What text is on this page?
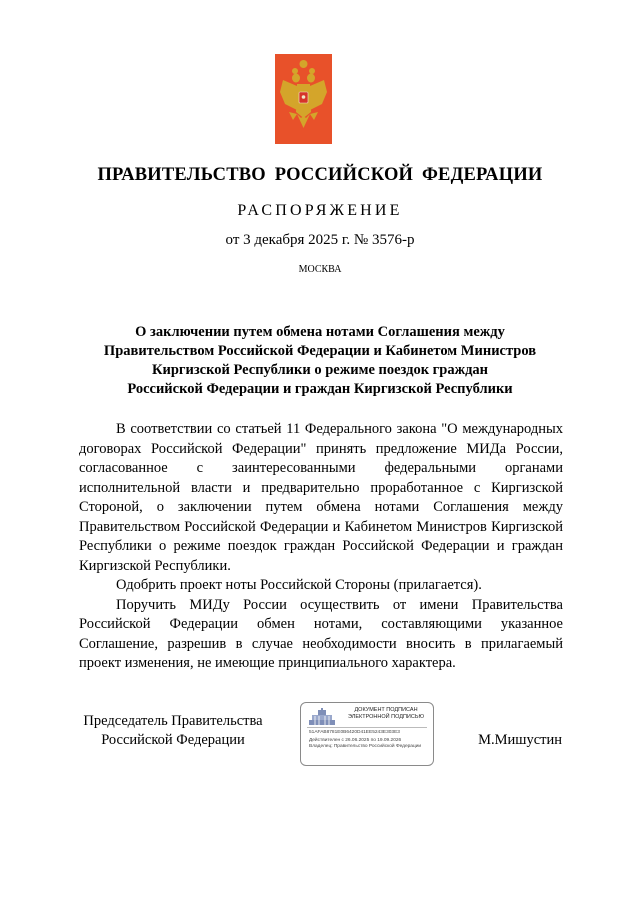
ПРАВИТЕЛЬСТВО РОССИЙСКОЙ ФЕДЕРАЦИИ
РАСПОРЯЖЕНИЕ
от 3 декабря 2025 г. № 3576-р
МОСКВА
О заключении путем обмена нотами Соглашения между
Правительством Российской Федерации и Кабинетом Министров
Киргизской Республики о режиме поездок граждан
Российской Федерации и граждан Киргизской Республики

В соответствии со статьей 11 Федерального закона "О международных договорах Российской Федерации" принять предложение МИДа России, согласованное с заинтересованными федеральными органами исполнительной власти и предварительно проработанное с Киргизской Стороной, о заключении путем обмена нотами Соглашения между Правительством Российской Федерации и Кабинетом Министров Киргизской Республики о режиме поездок граждан Российской Федерации и граждан Киргизской Республики.

Одобрить проект ноты Российской Стороны (прилагается).

Поручить МИДу России осуществить от имени Правительства Российской Федерации обмен нотами, составляющими указанное Соглашение, разрешив в случае необходимости вносить в прилагаемый проект изменения, не имеющие принципиального характера.

Председатель Правительства
Российской Федерации
ДОКУМЕНТ ПОДПИСАН
ЭЛЕКТРОННОЙ ПОДПИСЬЮ
51AFAB8781E0B6420D41EE5243E303E3
Действителен с 26.06.2025 по 19.09.2026
Владелец: Правительство Российской Федерации	М.Мишустин
